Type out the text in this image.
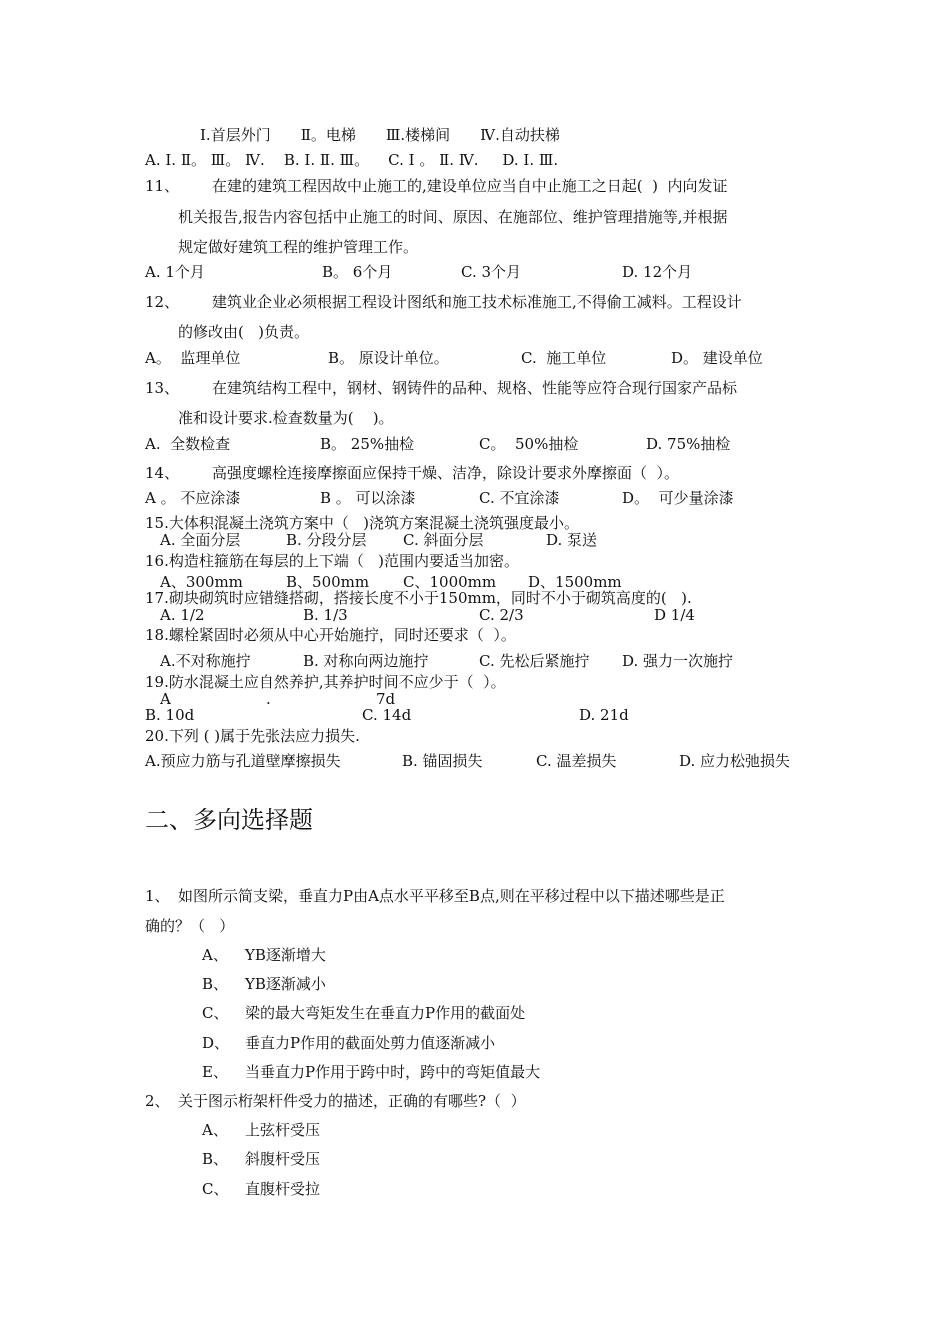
Ⅰ.首层外门　　Ⅱ。电梯　　Ⅲ.楼梯间　　Ⅳ.自动扶梯
A. Ⅰ. Ⅱ。 Ⅲ。 Ⅳ.    B. Ⅰ. Ⅱ. Ⅲ。    C. Ⅰ 。 Ⅱ. Ⅳ.     D. Ⅰ. Ⅲ.
11、 在建的建筑工程因故中止施工的,建设单位应当自中止施工之日起(  )  内向发证
机关报告,报告内容包括中止施工的时间、原因、在施部位、维护管理措施等,并根据
规定做好建筑工程的维护管理工作。
A. 1个月	B。 6个月	C. 3个月	D. 12个月
12、 建筑业企业必须根据工程设计图纸和施工技术标准施工,不得偷工减料。工程设计
的修改由(   )负责。
A。  监理单位	B。 原设计单位。	C.  施工单位	D。 建设单位
13、 在建筑结构工程中，钢材、钢铸件的品种、规格、性能等应符合现行国家产品标
准和设计要求.检查数量为(    )。
A.  全数检查	B。 25%抽检	C。  50%抽检	D. 75%抽检
14、 高强度螺栓连接摩擦面应保持干燥、洁净，除设计要求外摩擦面（  ）。
A 。 不应涂漆	B 。 可以涂漆	C. 不宜涂漆	D。  可少量涂漆
15.大体积混凝土浇筑方案中（   )浇筑方案混凝土浇筑强度最小。
A. 全面分层	B. 分段分层 C. 斜面分层	D. 泵送
16.构造柱箍筋在每层的上下端（   )范围内要适当加密。
A、300mm	B、500mm C、1000mm D、1500mm
17.砌块砌筑时应错缝搭砌，搭接长度不小于150mm，同时不小于砌筑高度的(   ).
A. 1/2	B. 1/3	C. 2/3	D 1/4
18.螺栓紧固时必须从中心开始施拧，同时还要求（  ）。
A.不对称施拧	B. 对称向两边施拧	C. 先松后紧施拧 D. 强力一次施拧
19.防水混凝土应自然养护,其养护时间不应少于（  ）。
A	.	7d
B. 10d	C. 14d	D. 21d
20.下列 ( )属于先张法应力损失.
A.预应力筋与孔道壁摩擦损失	B. 锚固损失	C. 温差损失	D. 应力松弛损失
二、多向选择题
1、 如图所示简支梁，垂直力P由A点水平平移至B点,则在平移过程中以下描述哪些是正
确的？（   ）
A、 YB逐渐增大
B、 YB逐渐减小
C、 梁的最大弯矩发生在垂直力P作用的截面处
D、 垂直力P作用的截面处剪力值逐渐减小
E、 当垂直力P作用于跨中时，跨中的弯矩值最大
2、 关于图示桁架杆件受力的描述，正确的有哪些?（  ）
A、 上弦杆受压
B、 斜腹杆受压
C、 直腹杆受拉
